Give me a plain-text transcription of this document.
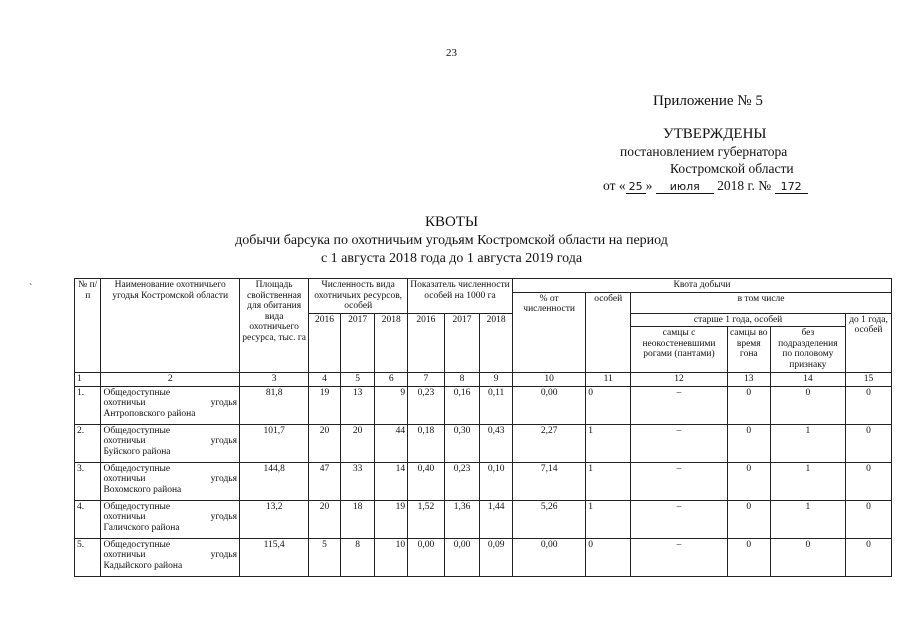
23
Приложение № 5
УТВЕРЖДЕНЫ
постановлением губернатора
Костромской области
от « 25 » июля 2018 г. № 172
КВОТЫ
добычи барсука по охотничьим угодьям Костромской области на период
с 1 августа 2018 года до 1 августа 2019 года
`	№ п/п	Наименование охотничьего угодья Костромской области	Площадь свойственная для обитания вида охотничьего ресурса, тыс. га	Численность вида охотничьих ресурсов, особей			Показатель численности особей на 1000 га			Квота добычи					
									% от численности	особей	в том числе			
			2016	2017	2018	2016	2017	2018			старше 1 года, особей			до 1 года, особей
											самцы с неокостеневшими рогами (пантами)	самцы во время гона	без подразделения по половому признаку	
1	2	3	4	5	6	7	8	9	10	11	12	13	14	15
1.	Общедоступные
охотничьи угодья
Антроповского района	81,8	19	13	9	0,23	0,16	0,11	0,00	0	–	0	0	0
2.	Общедоступные
охотничьи угодья
Буйского района	101,7	20	20	44	0,18	0,30	0,43	2,27	1	–	0	1	0
3.	Общедоступные
охотничьи угодья
Вохомского района	144,8	47	33	14	0,40	0,23	0,10	7,14	1	–	0	1	0
4.	Общедоступные
охотничьи угодья
Галичского района	13,2	20	18	19	1,52	1,36	1,44	5,26	1	–	0	1	0
5.	Общедоступные
охотничьи угодья
Кадыйского района	115,4	5	8	10	0,00	0,00	0,09	0,00	0	–	0	0	0
